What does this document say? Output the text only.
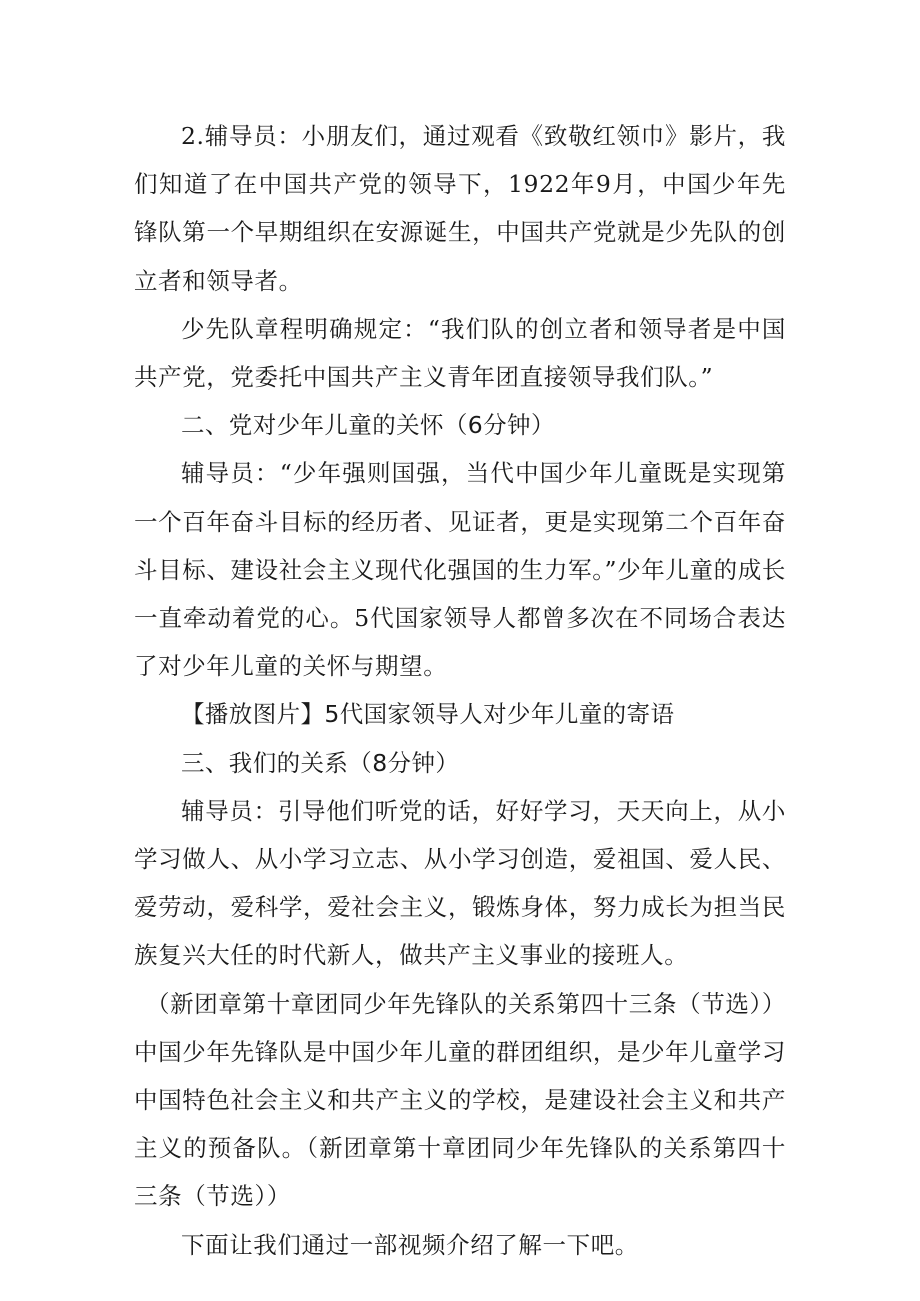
2.辅导员：小朋友们，通过观看《致敬红领巾》影片，我们知道了在中国共产党的领导下，1922年9月，中国少年先锋队第一个早期组织在安源诞生，中国共产党就是少先队的创立者和领导者。

少先队章程明确规定：“我们队的创立者和领导者是中国共产党，党委托中国共产主义青年团直接领导我们队。”

二、党对少年儿童的关怀（6分钟）

辅导员：“少年强则国强，当代中国少年儿童既是实现第一个百年奋斗目标的经历者、见证者，更是实现第二个百年奋斗目标、建设社会主义现代化强国的生力军。”少年儿童的成长一直牵动着党的心。5代国家领导人都曾多次在不同场合表达了对少年儿童的关怀与期望。

【播放图片】5代国家领导人对少年儿童的寄语

三、我们的关系（8分钟）

辅导员：引导他们听党的话，好好学习，天天向上，从小学习做人、从小学习立志、从小学习创造，爱祖国、爱人民、爱劳动，爱科学，爱社会主义，锻炼身体，努力成长为担当民族复兴大任的时代新人，做共产主义事业的接班人。

（新团章第十章团同少年先锋队的关系第四十三条（节选））中国少年先锋队是中国少年儿童的群团组织，是少年儿童学习中国特色社会主义和共产主义的学校，是建设社会主义和共产主义的预备队。（新团章第十章团同少年先锋队的关系第四十三条（节选））

下面让我们通过一部视频介绍了解一下吧。
